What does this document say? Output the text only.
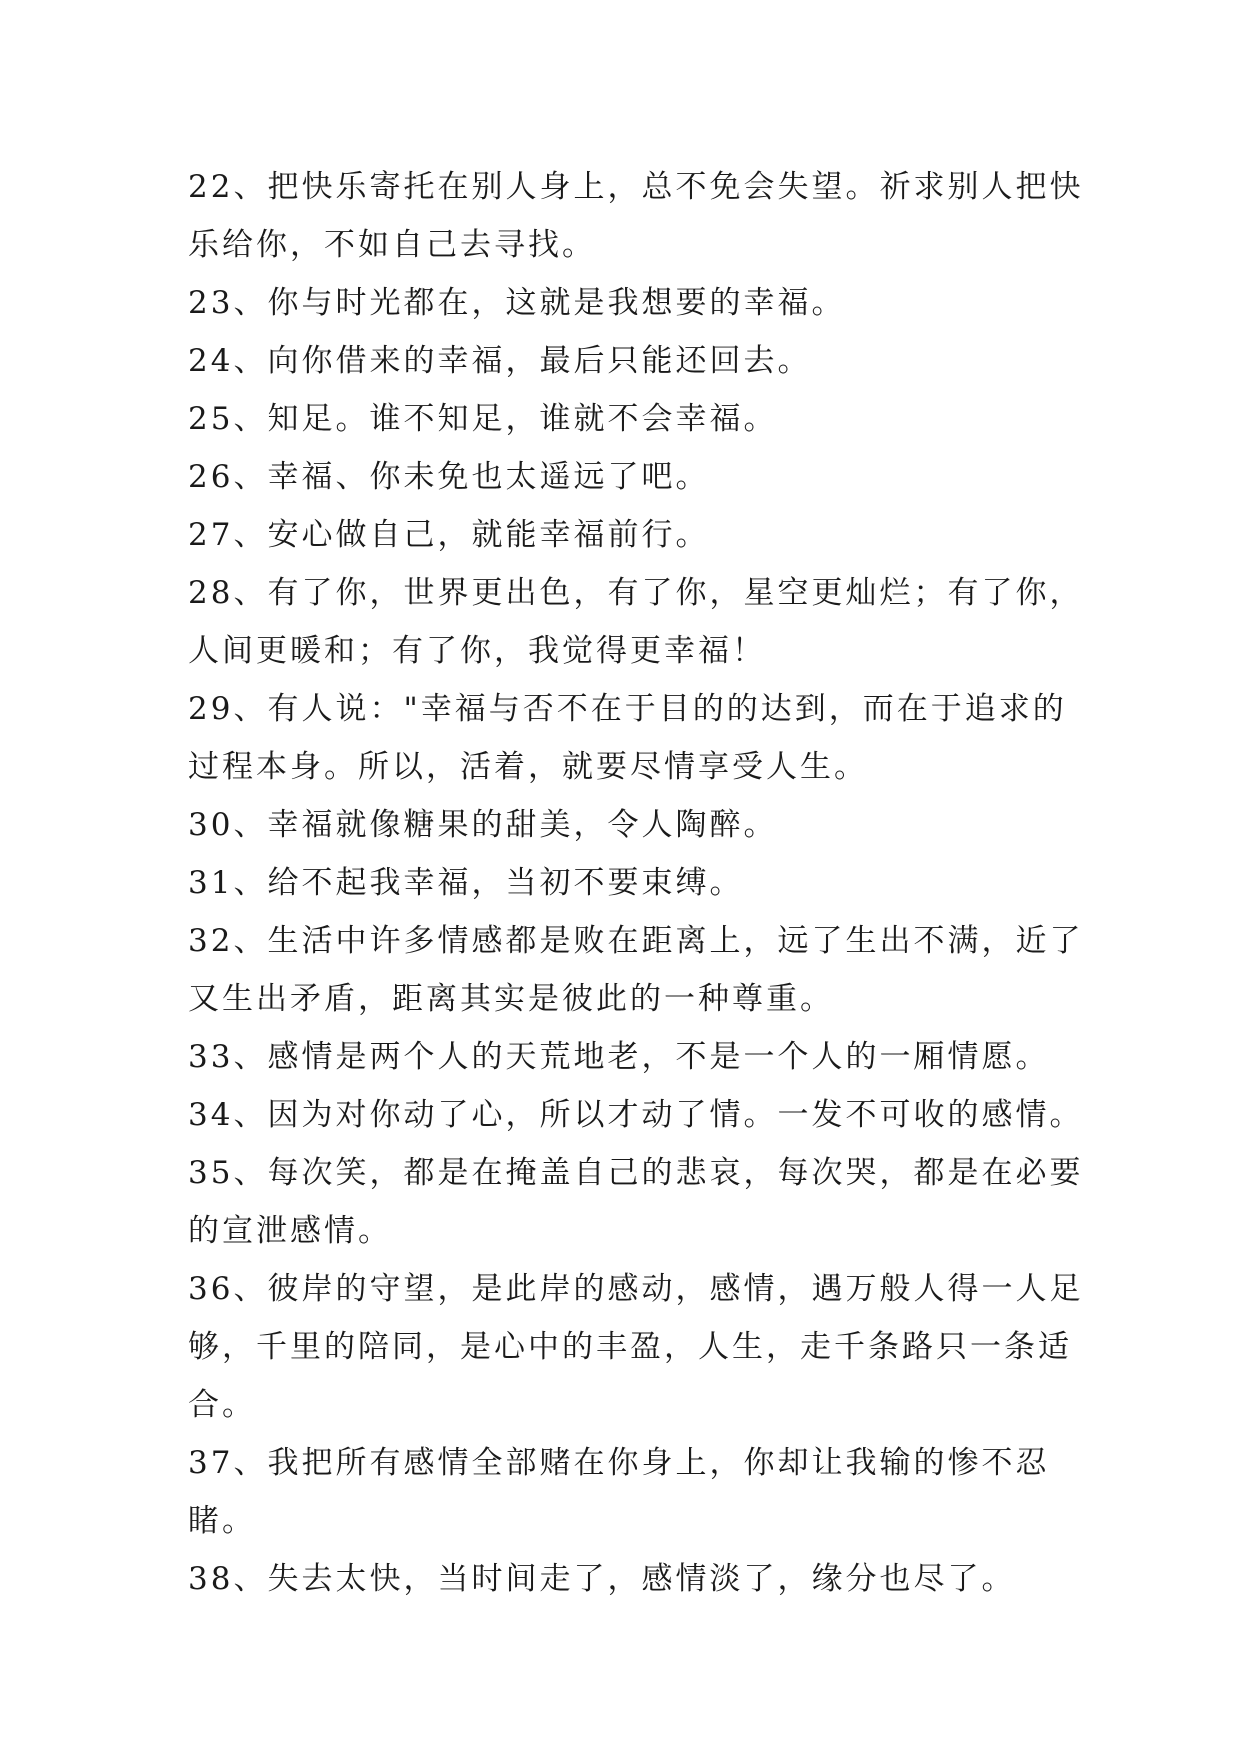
22、把快乐寄托在别人身上，总不免会失望。祈求别人把快乐给你，不如自己去寻找。

23、你与时光都在，这就是我想要的幸福。

24、向你借来的幸福，最后只能还回去。

25、知足。谁不知足，谁就不会幸福。

26、幸福、你未免也太遥远了吧。

27、安心做自己，就能幸福前行。

28、有了你，世界更出色，有了你，星空更灿烂；有了你，人间更暖和；有了你，我觉得更幸福！

29、有人说："幸福与否不在于目的的达到，而在于追求的过程本身。所以，活着，就要尽情享受人生。

30、幸福就像糖果的甜美，令人陶醉。

31、给不起我幸福，当初不要束缚。

32、生活中许多情感都是败在距离上，远了生出不满，近了又生出矛盾，距离其实是彼此的一种尊重。

33、感情是两个人的天荒地老，不是一个人的一厢情愿。

34、因为对你动了心，所以才动了情。一发不可收的感情。

35、每次笑，都是在掩盖自己的悲哀，每次哭，都是在必要的宣泄感情。

36、彼岸的守望，是此岸的感动，感情，遇万般人得一人足够，千里的陪同，是心中的丰盈，人生，走千条路只一条适合。

37、我把所有感情全部赌在你身上，你却让我输的惨不忍睹。

38、失去太快，当时间走了，感情淡了，缘分也尽了。
